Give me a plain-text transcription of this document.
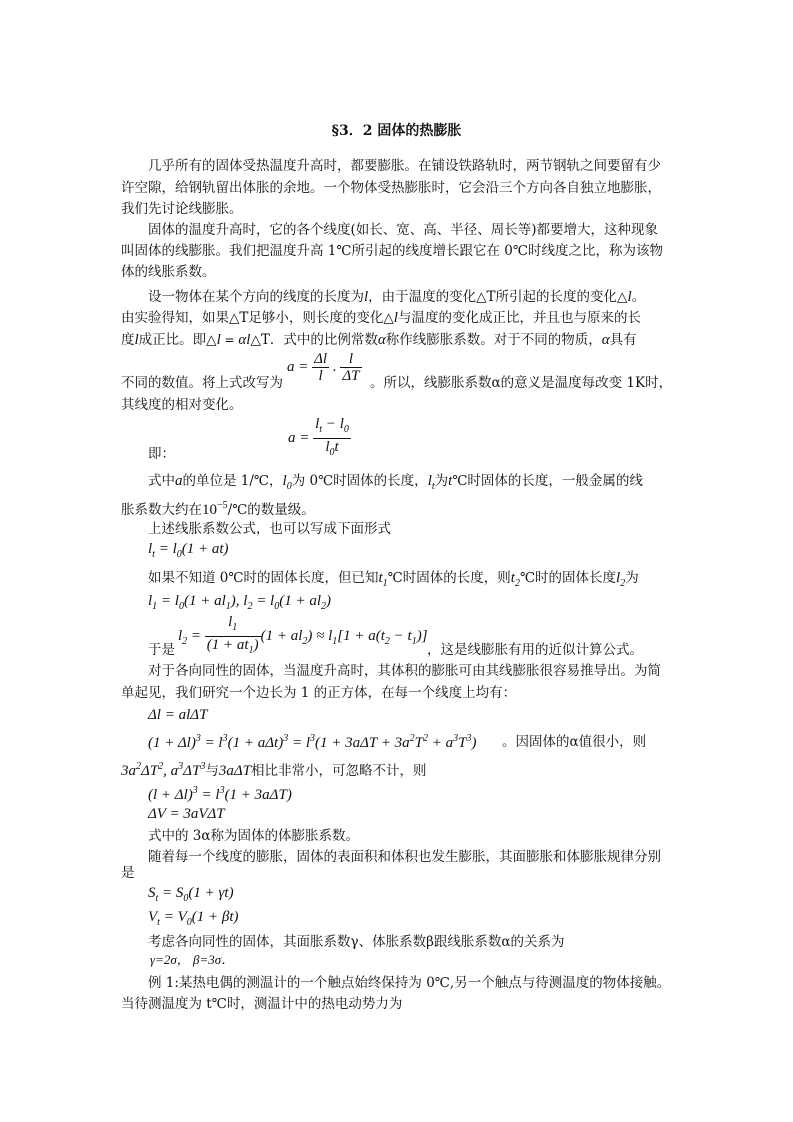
§3．2 固体的热膨胀
几乎所有的固体受热温度升高时，都要膨胀。在铺设铁路轨时，两节钢轨之间要留有少
许空隙，给钢轨留出体胀的余地。一个物体受热膨胀时，它会沿三个方向各自独立地膨胀，
我们先讨论线膨胀。
固体的温度升高时，它的各个线度(如长、宽、高、半径、周长等)都要增大，这种现象
叫固体的线膨胀。我们把温度升高 1℃所引起的线度增长跟它在 0℃时线度之比，称为该物
体的线胀系数。
设一物体在某个方向的线度的长度为l，由于温度的变化△T所引起的长度的变化△l。
由实验得知，如果△T足够小，则长度的变化△l与温度的变化成正比，并且也与原来的长
度l成正比。即△l = αl△T．式中的比例常数α称作线膨胀系数。对于不同的物质，α具有
不同的数值。将上式改写为
$a = \frac{\Delta l}{l}$ . $\frac{l}{\Delta T}$ 。所以，线膨胀系数α的意义是温度每改变 1K时，
其线度的相对变化。
$a = \frac{l_t - l_0}{l_0t}$
即：
式中a的单位是 1/℃，$l_0$为 0℃时固体的长度，$l_t$为t℃时固体的长度，一般金属的线
胀系数大约在$10^{-5}/℃$的数量级。
上述线胀系数公式，也可以写成下面形式
$l_t = l_0(1 + at)$
如果不知道 0℃时的固体长度，但已知$t_1℃$时固体的长度，则$t_2℃$时的固体长度$l_2$为
$l_1 = l_0(1 + al_1)$, $l_2 = l_0(1 + al_2)$
$l_2 = \frac{l_1}{(1 + at_1)} (1 + al_2) \approx l_1[1 + a(t_2 - t_1)]$
于是	，这是线膨胀有用的近似计算公式。
对于各向同性的固体，当温度升高时，其体积的膨胀可由其线膨胀很容易推导出。为简
单起见，我们研究一个边长为 1 的正方体，在每一个线度上均有：
Δl = alΔT
$(1 + \Delta l)^3 = l^3(1 + a\Delta t)^3 = l^3(1 + 3a\Delta T + 3a^2T^2 + a^3T^3)$ 。因固体的α值很小，则
$3a^2\Delta T^2$, $a^3\Delta T^3$与3aΔT相比非常小，可忽略不计，则
$(l + \Delta l)^3 = l^3(1 + 3a\Delta T)$
ΔV = 3aVΔT
式中的 3α称为固体的体膨胀系数。
随着每一个线度的膨胀，固体的表面积和体积也发生膨胀，其面膨胀和体膨胀规律分别
是
$S_t = S_0(1 + \gamma t)$
$V_t = V_0(1 + \beta t)$
考虑各向同性的固体，其面胀系数γ、体胀系数β跟线胀系数α的关系为
γ=2σ， β=3σ．
例 1:某热电偶的测温计的一个触点始终保持为 0℃,另一个触点与待测温度的物体接触。
当待测温度为 t℃时，测温计中的热电动势力为
